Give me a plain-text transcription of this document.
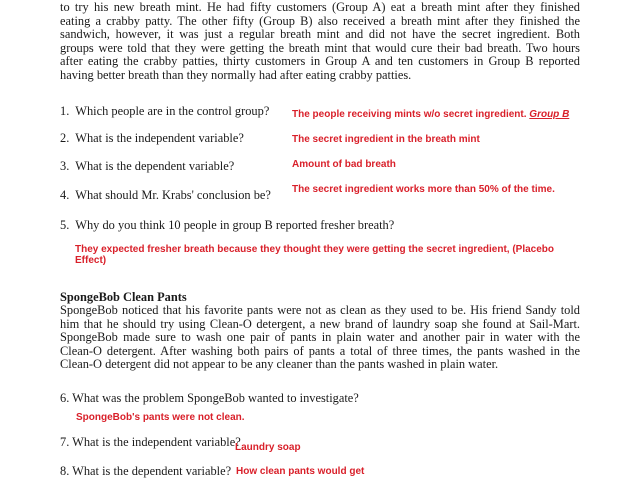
to try his new breath mint. He had fifty customers (Group A) eat a breath mint after they finished
eating a crabby patty. The other fifty (Group B) also received a breath mint after they finished the
sandwich, however, it was just a regular breath mint and did not have the secret ingredient. Both
groups were told that they were getting the breath mint that would cure their bad breath. Two hours
after eating the crabby patties, thirty customers in Group A and ten customers in Group B reported
having better breath than they normally had after eating crabby patties.
1. Which people are in the control group? The people receiving mints w/o secret ingredient. Group B
2. What is the independent variable?	The secret ingredient in the breath mint
3. What is the dependent variable?	Amount of bad breath
4. What should Mr. Krabs' conclusion be? The secret ingredient works more than 50% of the time.
5. Why do you think 10 people in group B reported fresher breath?
They expected fresher breath because they thought they were getting the secret ingredient, (Placebo Effect)
SpongeBob Clean Pants
SpongeBob noticed that his favorite pants were not as clean as they used to be. His friend Sandy told
him that he should try using Clean-O detergent, a new brand of laundry soap she found at Sail-Mart.
SpongeBob made sure to wash one pair of pants in plain water and another pair in water with the
Clean-O detergent. After washing both pairs of pants a total of three times, the pants washed in the
Clean-O detergent did not appear to be any cleaner than the pants washed in plain water.
6. What was the problem SpongeBob wanted to investigate?
SpongeBob's pants were not clean.
7. What is the independent variable?
Laundry soap
8. What is the dependent variable? How clean pants would get
